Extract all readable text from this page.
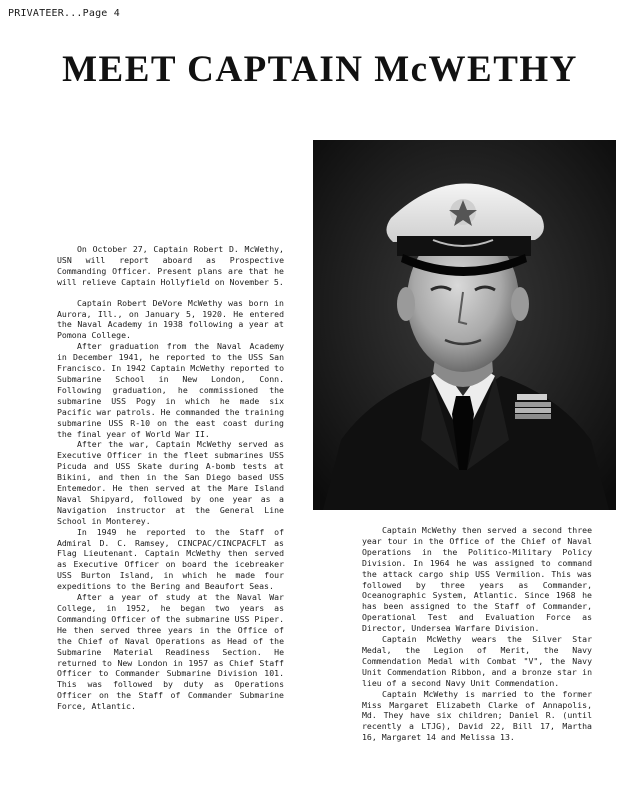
PRIVATEER...Page 4
MEET CAPTAIN McWETHY

On October 27, Captain Robert D. McWethy, USN will report aboard as Prospective Commanding Officer. Present plans are that he will relieve Captain Hollyfield on November 5.

Captain Robert DeVore McWethy was born in Aurora, Ill., on January 5, 1920. He entered the Naval Academy in 1938 following a year at Pomona College.

After graduation from the Naval Academy in December 1941, he reported to the USS San Francisco. In 1942 Captain McWethy reported to Submarine School in New London, Conn. Following graduation, he commissioned the submarine USS Pogy in which he made six Pacific war patrols. He commanded the training submarine USS R-10 on the east coast during the final year of World War II.

After the war, Captain McWethy served as Executive Officer in the fleet submarines USS Picuda and USS Skate during A-bomb tests at Bikini, and then in the San Diego based USS Entemedor. He then served at the Mare Island Naval Shipyard, followed by one year as a Navigation instructor at the General Line School in Monterey.

In 1949 he reported to the Staff of Admiral D. C. Ramsey, CINCPAC/CINCPACFLT as Flag Lieutenant. Captain McWethy then served as Executive Officer on board the icebreaker USS Burton Island, in which he made four expeditions to the Bering and Beaufort Seas.

After a year of study at the Naval War College, in 1952, he began two years as Commanding Officer of the submarine USS Piper. He then served three years in the Office of the Chief of Naval Operations as Head of the Submarine Material Readiness Section. He returned to New London in 1957 as Chief Staff Officer to Commander Submarine Division 101. This was followed by duty as Operations Officer on the Staff of Commander Submarine Force, Atlantic.

Captain McWethy then served a second three year tour in the Office of the Chief of Naval Operations in the Politico-Military Policy Division. In 1964 he was assigned to command the attack cargo ship USS Vermilion. This was followed by three years as Commander, Oceanographic System, Atlantic. Since 1968 he has been assigned to the Staff of Commander, Operational Test and Evaluation Force as Director, Undersea Warfare Division.

Captain McWethy wears the Silver Star Medal, the Legion of Merit, the Navy Commendation Medal with Combat "V", the Navy Unit Commendation Ribbon, and a bronze star in lieu of a second Navy Unit Commendation.

Captain McWethy is married to the former Miss Margaret Elizabeth Clarke of Annapolis, Md. They have six children; Daniel R. (until recently a LTJG), David 22, Bill 17, Martha 16, Margaret 14 and Melissa 13.
